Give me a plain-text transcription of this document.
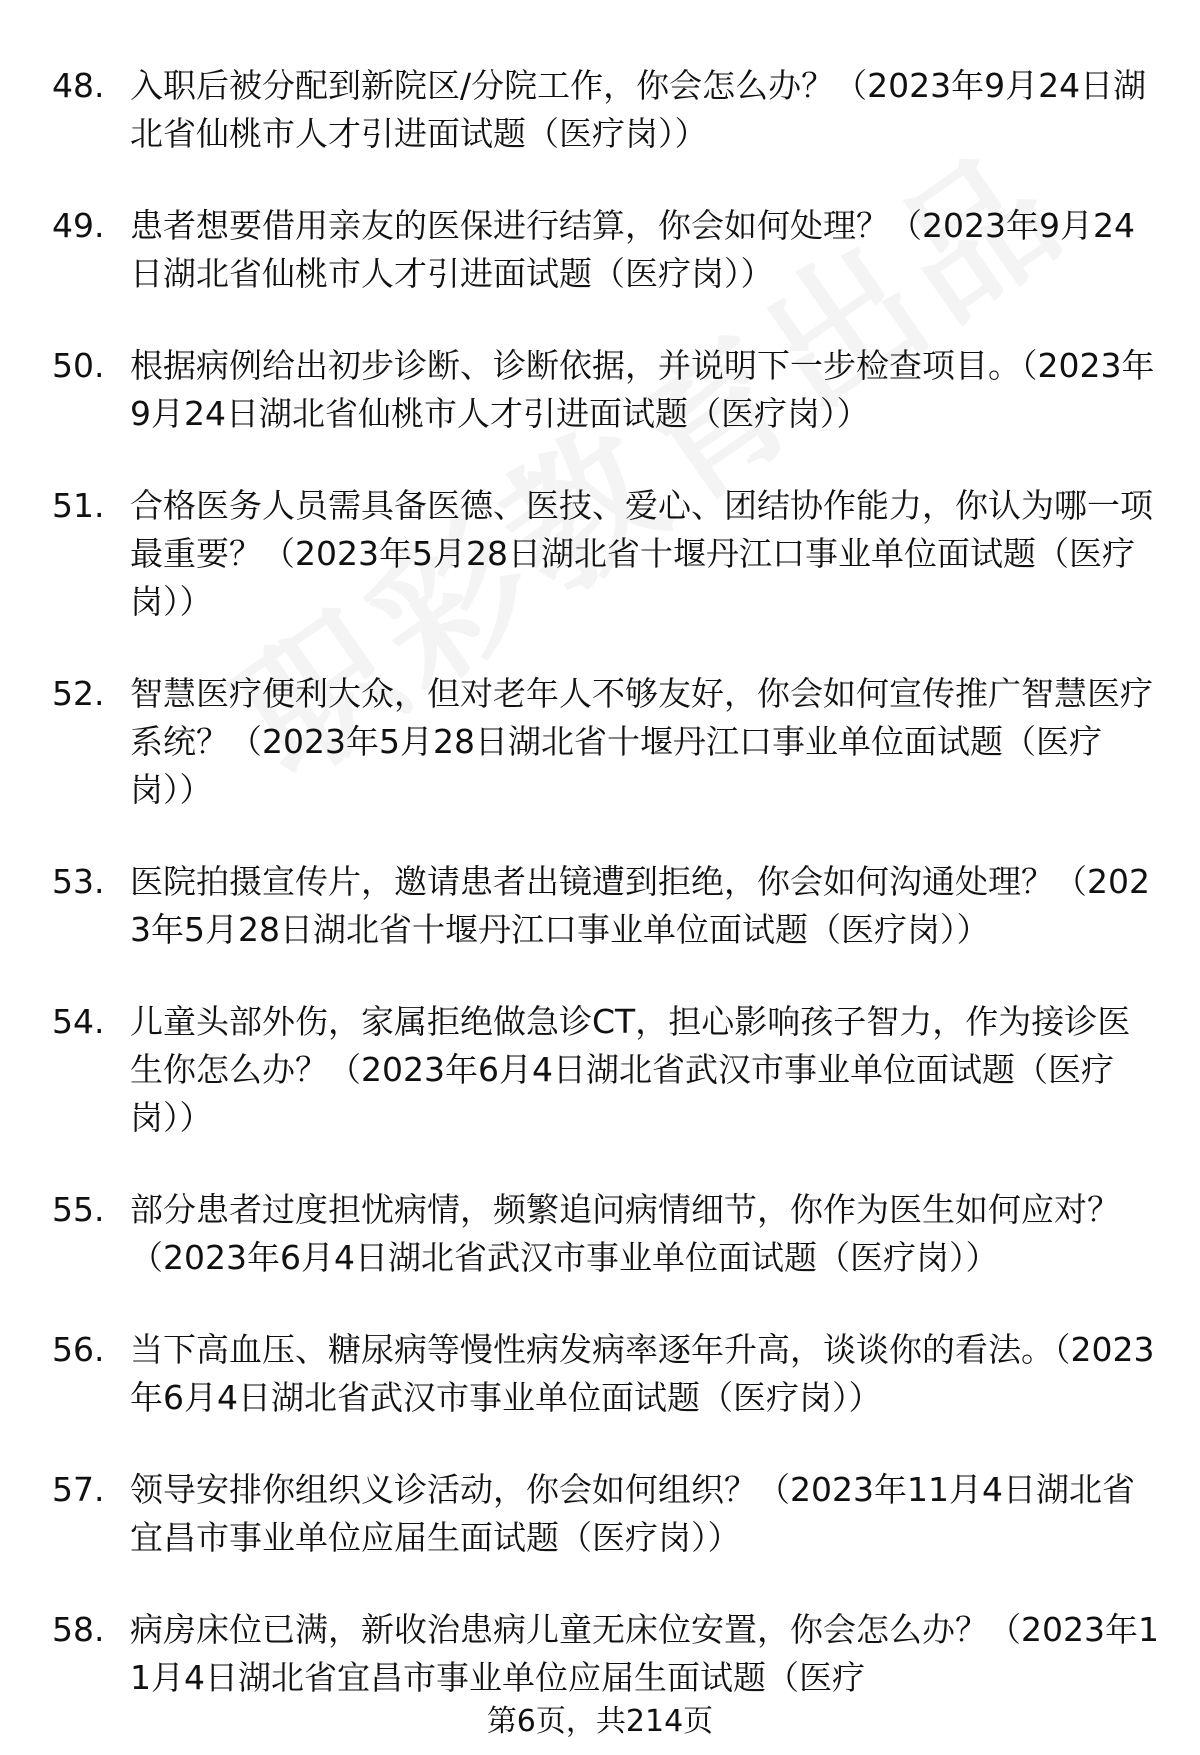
48. 入职后被分配到新院区/分院工作，你会怎么办？（2023年9月24日湖北省仙桃市人才引进面试题（医疗岗））
49. 患者想要借用亲友的医保进行结算，你会如何处理？（2023年9月24日湖北省仙桃市人才引进面试题（医疗岗））
50. 根据病例给出初步诊断、诊断依据，并说明下一步检查项目。（2023年9月24日湖北省仙桃市人才引进面试题（医疗岗））
51. 合格医务人员需具备医德、医技、爱心、团结协作能力，你认为哪一项最重要？（2023年5月28日湖北省十堰丹江口事业单位面试题（医疗岗））
52. 智慧医疗便利大众，但对老年人不够友好，你会如何宣传推广智慧医疗系统？（2023年5月28日湖北省十堰丹江口事业单位面试题（医疗岗））
53. 医院拍摄宣传片，邀请患者出镜遭到拒绝，你会如何沟通处理？（2023年5月28日湖北省十堰丹江口事业单位面试题（医疗岗））
54. 儿童头部外伤，家属拒绝做急诊CT，担心影响孩子智力，作为接诊医生你怎么办？（2023年6月4日湖北省武汉市事业单位面试题（医疗岗））
55. 部分患者过度担忧病情，频繁追问病情细节，你作为医生如何应对？（2023年6月4日湖北省武汉市事业单位面试题（医疗岗））
56. 当下高血压、糖尿病等慢性病发病率逐年升高，谈谈你的看法。（2023年6月4日湖北省武汉市事业单位面试题（医疗岗））
57. 领导安排你组织义诊活动，你会如何组织？（2023年11月4日湖北省宜昌市事业单位应届生面试题（医疗岗））
58. 病房床位已满，新收治患病儿童无床位安置，你会怎么办？（2023年11月4日湖北省宜昌市事业单位应届生面试题（医疗
第6页，共214页
